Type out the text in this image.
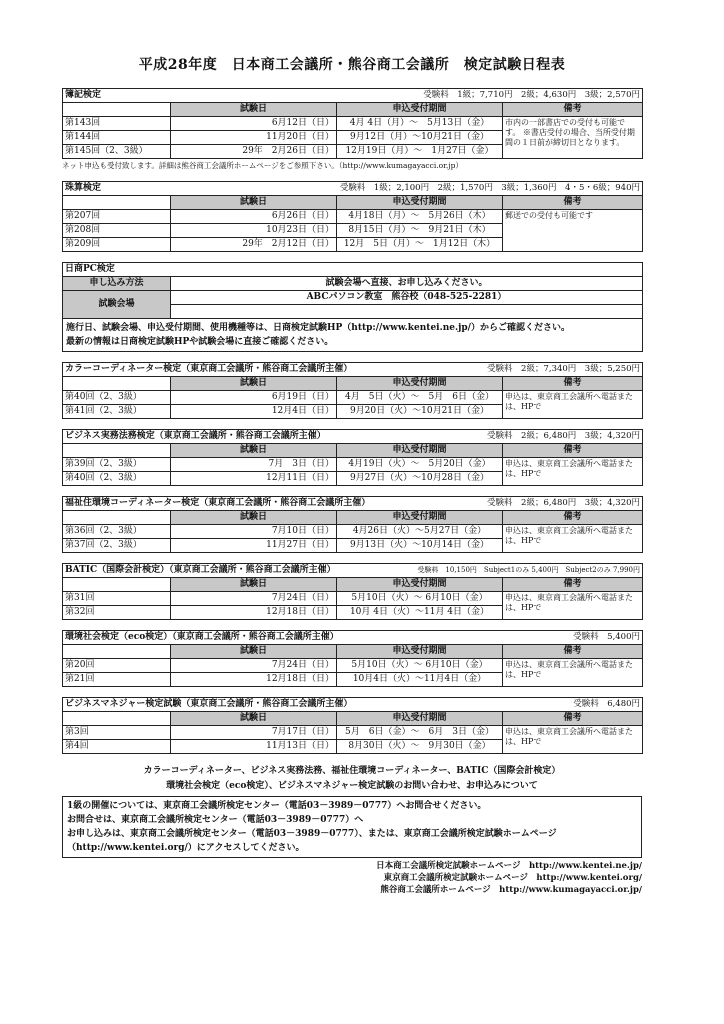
平成28年度　日本商工会議所・熊谷商工会議所　検定試験日程表
簿記検定 受験料　1級；7,710円　2級；4,630円　3級；2,570円			

	試験日	申込受付期間	備考
第143回	6月12日（日）	4月 4日（月）～　5月13日（金）	市内の一部書店での受付も可能です。 ※書店受付の場合、当所受付期間の１日前が締切日となります。
第144回	11月20日（日）	9月12日（月）～10月21日（金）	
第145回（2、3級）	29年　2月26日（日）	12月19日（月）～　1月27日（金）	
ネット申込も受付致します。詳細は熊谷商工会議所ホームページをご参照下さい。（http://www.kumagayacci.or.jp）
珠算検定 受験料　1級；2,100円　2級；1,570円　3級；1,360円　4・5・6級；940円			

	試験日	申込受付期間	備考
第207回	6月26日（日）	4月18日（月）～　5月26日（木）	郵送での受付も可能です
第208回	10月23日（日）	8月15日（月）～　9月21日（木）	
第209回	29年　2月12日（日）	12月　5日（月）～　1月12日（木）	
日商PC検定	
申し込み方法	試験会場へ直接、お申し込みください。
試験会場	ABCパソコン教室　熊谷校（048-525-2281）

施行日、試験会場、申込受付期間、使用機種等は、日商検定試験HP（http://www.kentei.ne.jp/）からご確認ください。
最新の情報は日商検定試験HPや試験会場に直接ご確認ください。	
カラーコーディネーター検定（東京商工会議所・熊谷商工会議所主催） 受験料　2級；7,340円　3級；5,250円			

	試験日	申込受付期間	備考
第40回（2、3級）	6月19日（日）	4月　5日（火）～　5月　6日（金）	申込は、東京商工会議所へ電話または、HPで
第41回（2、3級）	12月4日（日）	9月20日（火）～10月21日（金）	
ビジネス実務法務検定（東京商工会議所・熊谷商工会議所主催） 受験料　2級；6,480円　3級；4,320円			

	試験日	申込受付期間	備考
第39回（2、3級）	7月　3日（日）	4月19日（火）～　5月20日（金）	申込は、東京商工会議所へ電話または、HPで
第40回（2、3級）	12月11日（日）	9月27日（火）～10月28日（金）	
福祉住環境コーディネーター検定（東京商工会議所・熊谷商工会議所主催） 受験料　2級；6,480円　3級；4,320円			

	試験日	申込受付期間	備考
第36回（2、3級）	7月10日（日）	4月26日（火）～5月27日（金）	申込は、東京商工会議所へ電話または、HPで
第37回（2、3級）	11月27日（日）	9月13日（火）～10月14日（金）	
BATIC（国際会計検定）（東京商工会議所・熊谷商工会議所主催） 受験料　10,150円　Subject1のみ 5,400円　Subject2のみ 7,990円			

	試験日	申込受付期間	備考
第31回	7月24日（日）	5月10日（火）～ 6月10日（金）	申込は、東京商工会議所へ電話または、HPで
第32回	12月18日（日）	10月 4日（火）～11月 4日（金）	
環境社会検定（eco検定）（東京商工会議所・熊谷商工会議所主催） 受験料　5,400円			

	試験日	申込受付期間	備考
第20回	7月24日（日）	5月10日（火）～ 6月10日（金）	申込は、東京商工会議所へ電話または、HPで
第21回	12月18日（日）	10月4日（火）～11月4日（金）	
ビジネスマネジャー検定試験（東京商工会議所・熊谷商工会議所主催） 受験料　6,480円			

	試験日	申込受付期間	備考
第3回	7月17日（日）	5月　6日（金）～　6月　3日（金）	申込は、東京商工会議所へ電話または、HPで
第4回	11月13日（日）	8月30日（火）～　9月30日（金）	
カラーコーディネーター、ビジネス実務法務、福祉住環境コーディネーター、BATIC（国際会計検定）
環境社会検定（eco検定）、ビジネスマネジャー検定試験のお問い合わせ、お申込みについて
1級の開催については、東京商工会議所検定センター（電話03－3989－0777）へお問合せください。
お問合せは、東京商工会議所検定センター（電話03－3989－0777）へ
お申し込みは、東京商工会議所検定センター（電話03－3989－0777）、または、東京商工会議所検定試験ホームページ（http://www.kentei.org/）にアクセスしてください。
日本商工会議所検定試験ホームページ　http://www.kentei.ne.jp/
東京商工会議所検定試験ホームページ　http://www.kentei.org/
熊谷商工会議所ホームページ　http://www.kumagayacci.or.jp/
